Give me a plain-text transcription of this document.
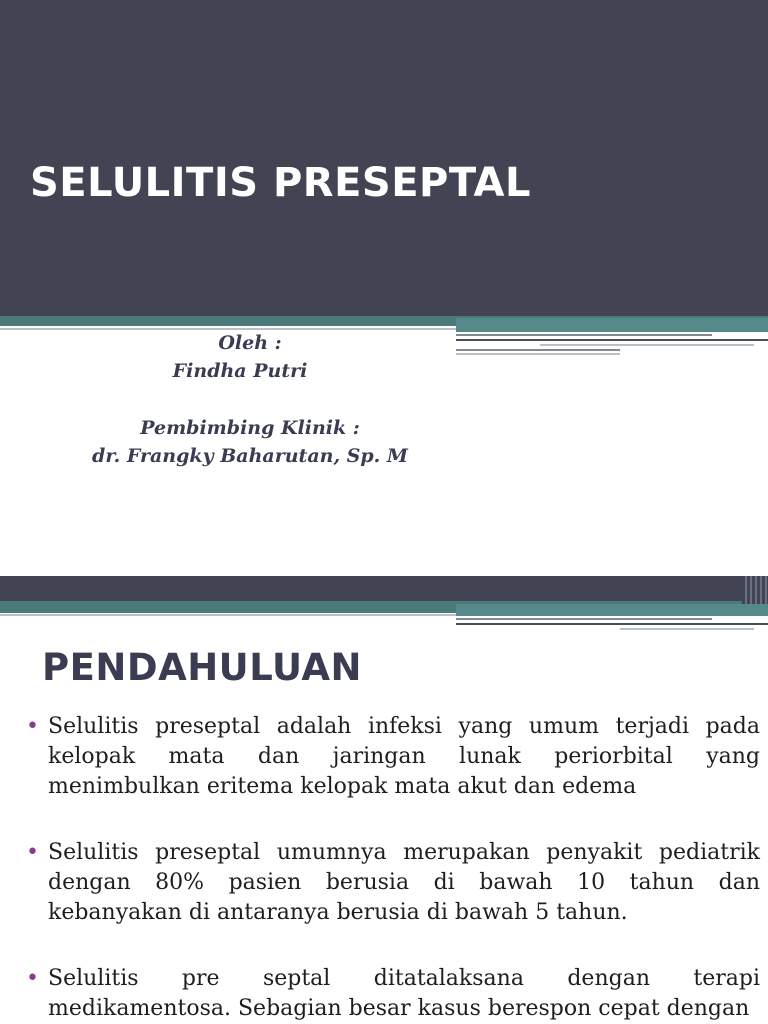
SELULITIS PRESEPTAL
Oleh :
Findha Putri
Pembimbing Klinik :
dr. Frangky Baharutan, Sp. M
PENDAHULUAN
• Selulitis preseptal adalah infeksi yang umum terjadi pada kelopak mata dan jaringan lunak periorbital yang menimbulkan eritema kelopak mata akut dan edema
• Selulitis preseptal umumnya merupakan penyakit pediatrik dengan 80% pasien berusia di bawah 10 tahun dan kebanyakan di antaranya berusia di bawah 5 tahun.
• Selulitis pre septal ditatalaksana dengan terapi medikamentosa. Sebagian besar kasus berespon cepat dengan
